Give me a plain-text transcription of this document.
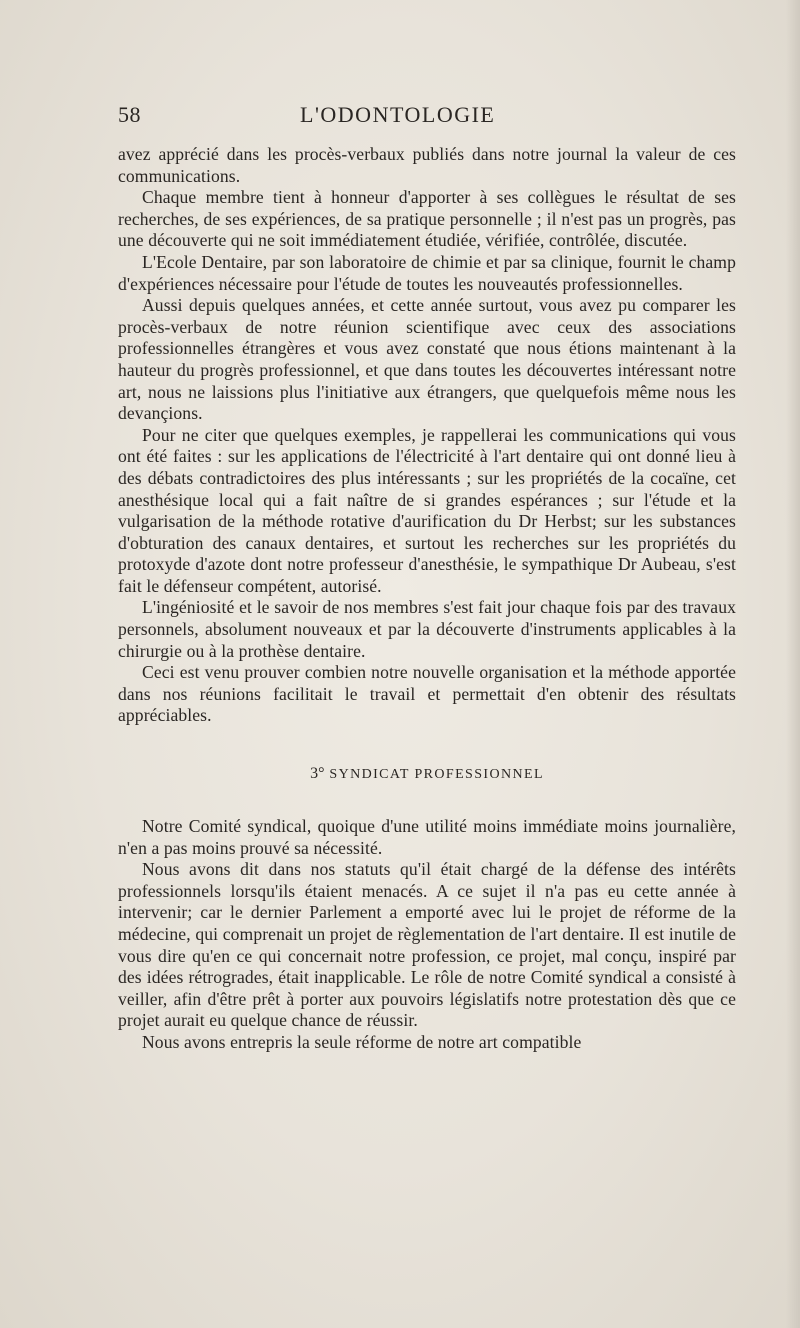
58	L'ODONTOLOGIE

avez apprécié dans les procès-verbaux publiés dans notre journal la valeur de ces communications.

Chaque membre tient à honneur d'apporter à ses collègues le résultat de ses recherches, de ses expériences, de sa pratique personnelle ; il n'est pas un progrès, pas une découverte qui ne soit immédiatement étudiée, vérifiée, contrôlée, discutée.

L'Ecole Dentaire, par son laboratoire de chimie et par sa clinique, fournit le champ d'expériences nécessaire pour l'étude de toutes les nouveautés professionnelles.

Aussi depuis quelques années, et cette année surtout, vous avez pu comparer les procès-verbaux de notre réunion scientifique avec ceux des associations professionnelles étrangères et vous avez constaté que nous étions maintenant à la hauteur du progrès professionnel, et que dans toutes les découvertes intéressant notre art, nous ne laissions plus l'initiative aux étrangers, que quelquefois même nous les devançions.

Pour ne citer que quelques exemples, je rappellerai les communications qui vous ont été faites : sur les applications de l'électricité à l'art dentaire qui ont donné lieu à des débats contradictoires des plus intéressants ; sur les propriétés de la cocaïne, cet anesthésique local qui a fait naître de si grandes espérances ; sur l'étude et la vulgarisation de la méthode rotative d'aurification du Dr Herbst; sur les substances d'obturation des canaux dentaires, et surtout les recherches sur les propriétés du protoxyde d'azote dont notre professeur d'anesthésie, le sympathique Dr Aubeau, s'est fait le défenseur compétent, autorisé.

L'ingéniosité et le savoir de nos membres s'est fait jour chaque fois par des travaux personnels, absolument nouveaux et par la découverte d'instruments applicables à la chirurgie ou à la prothèse dentaire.

Ceci est venu prouver combien notre nouvelle organisation et la méthode apportée dans nos réunions facilitait le travail et permettait d'en obtenir des résultats appréciables.

3° SYNDICAT PROFESSIONNEL

Notre Comité syndical, quoique d'une utilité moins immédiate moins journalière, n'en a pas moins prouvé sa nécessité.

Nous avons dit dans nos statuts qu'il était chargé de la défense des intérêts professionnels lorsqu'ils étaient menacés. A ce sujet il n'a pas eu cette année à intervenir; car le dernier Parlement a emporté avec lui le projet de réforme de la médecine, qui comprenait un projet de règlementation de l'art dentaire. Il est inutile de vous dire qu'en ce qui concernait notre profession, ce projet, mal conçu, inspiré par des idées rétrogrades, était inapplicable. Le rôle de notre Comité syndical a consisté à veiller, afin d'être prêt à porter aux pouvoirs législatifs notre protestation dès que ce projet aurait eu quelque chance de réussir.

Nous avons entrepris la seule réforme de notre art compatible
